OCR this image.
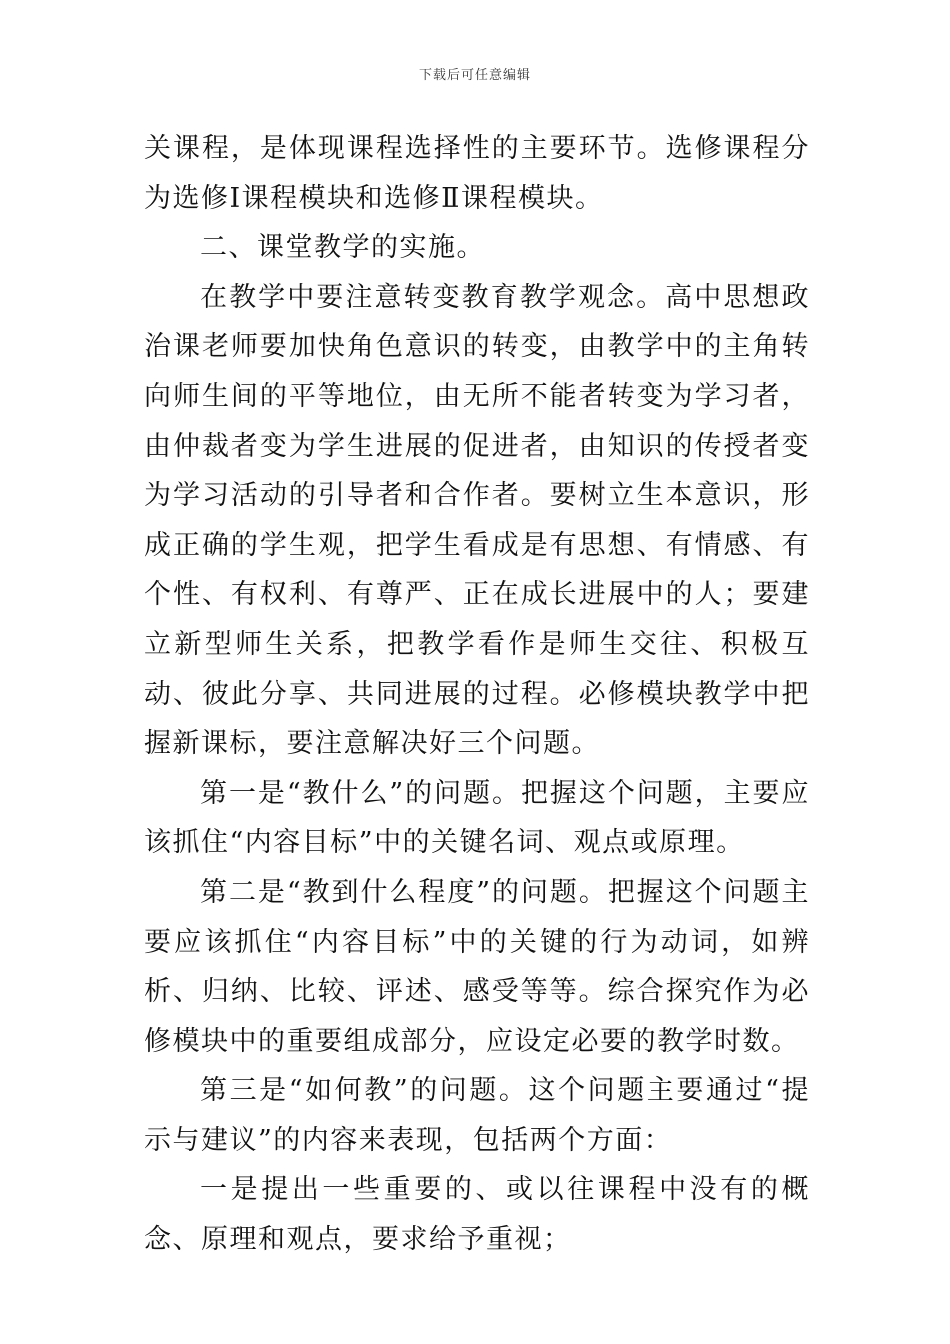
下载后可任意编辑

关课程，是体现课程选择性的主要环节。选修课程分为选修Ⅰ课程模块和选修Ⅱ课程模块。

二、课堂教学的实施。

在教学中要注意转变教育教学观念。高中思想政治课老师要加快角色意识的转变，由教学中的主角转向师生间的平等地位，由无所不能者转变为学习者，由仲裁者变为学生进展的促进者，由知识的传授者变为学习活动的引导者和合作者。要树立生本意识，形成正确的学生观，把学生看成是有思想、有情感、有个性、有权利、有尊严、正在成长进展中的人；要建立新型师生关系，把教学看作是师生交往、积极互动、彼此分享、共同进展的过程。必修模块教学中把握新课标，要注意解决好三个问题。

第一是“教什么”的问题。把握这个问题，主要应该抓住“内容目标”中的关键名词、观点或原理。

第二是“教到什么程度”的问题。把握这个问题主要应该抓住“内容目标”中的关键的行为动词，如辨析、归纳、比较、评述、感受等等。综合探究作为必修模块中的重要组成部分，应设定必要的教学时数。

第三是“如何教”的问题。这个问题主要通过“提示与建议”的内容来表现，包括两个方面：

一是提出一些重要的、或以往课程中没有的概念、原理和观点，要求给予重视；
